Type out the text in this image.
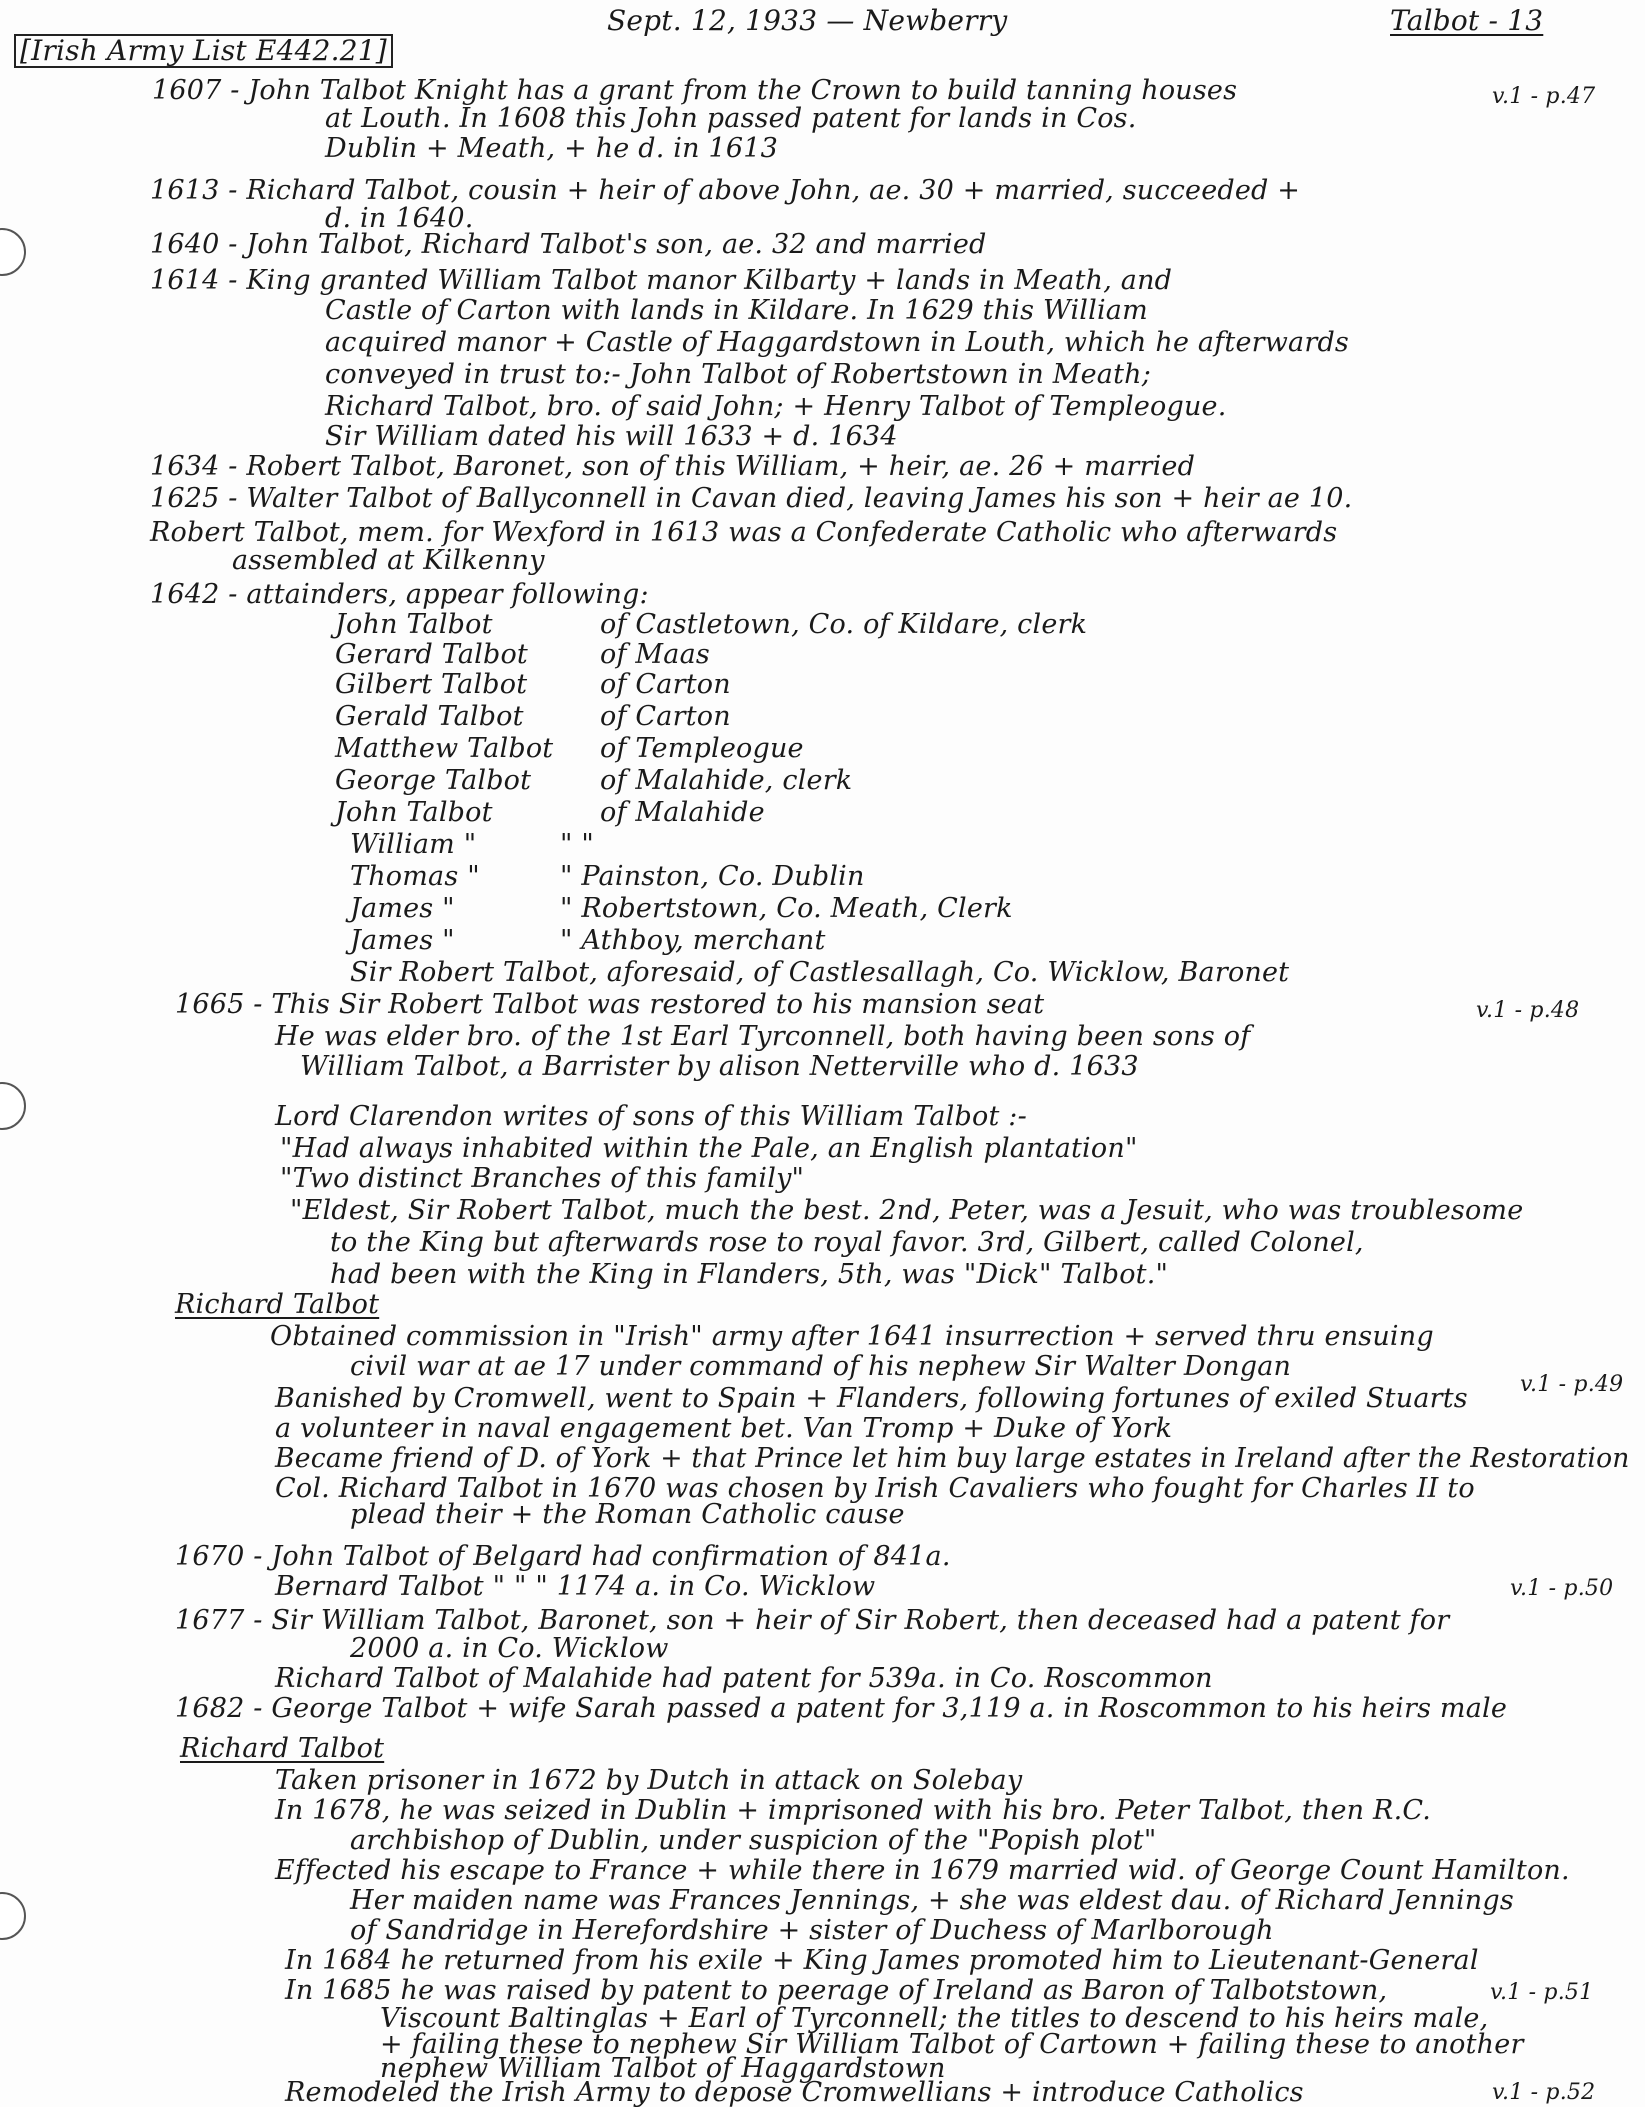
[Irish Army List E442.21]
Sept. 12, 1933 — Newberry	Talbot - 13
1607 - John Talbot Knight has a grant from the Crown to build tanning houses	v.1 - p.47
at Louth. In 1608 this John passed patent for lands in Cos.
Dublin + Meath, + he d. in 1613
1613 - Richard Talbot, cousin + heir of above John, ae. 30 + married, succeeded +
d. in 1640.
1640 - John Talbot, Richard Talbot's son, ae. 32 and married
1614 - King granted William Talbot manor Kilbarty + lands in Meath, and
Castle of Carton with lands in Kildare. In 1629 this William
acquired manor + Castle of Haggardstown in Louth, which he afterwards
conveyed in trust to:- John Talbot of Robertstown in Meath;
Richard Talbot, bro. of said John; + Henry Talbot of Templeogue.
Sir William dated his will 1633 + d. 1634
1634 - Robert Talbot, Baronet, son of this William, + heir, ae. 26 + married
1625 - Walter Talbot of Ballyconnell in Cavan died, leaving James his son + heir ae 10.
Robert Talbot, mem. for Wexford in 1613 was a Confederate Catholic who afterwards
assembled at Kilkenny
1642 - attainders, appear following:
John Talbot	of Castletown, Co. of Kildare, clerk
Gerard Talbot	of Maas
Gilbert Talbot	of Carton
Gerald Talbot	of Carton
Matthew Talbot of Templeogue
George Talbot	of Malahide, clerk
John Talbot	of Malahide
William "	" "
Thomas "	" Painston, Co. Dublin
James "	" Robertstown, Co. Meath, Clerk
James "	" Athboy, merchant
Sir Robert Talbot, aforesaid, of Castlesallagh, Co. Wicklow, Baronet
1665 - This Sir Robert Talbot was restored to his mansion seat	v.1 - p.48
He was elder bro. of the 1st Earl Tyrconnell, both having been sons of
William Talbot, a Barrister by alison Netterville who d. 1633
Lord Clarendon writes of sons of this William Talbot :-
"Had always inhabited within the Pale, an English plantation"
"Two distinct Branches of this family"
"Eldest, Sir Robert Talbot, much the best. 2nd, Peter, was a Jesuit, who was troublesome
to the King but afterwards rose to royal favor. 3rd, Gilbert, called Colonel,
had been with the King in Flanders, 5th, was "Dick" Talbot."
Richard Talbot
Obtained commission in "Irish" army after 1641 insurrection + served thru ensuing
civil war at ae 17 under command of his nephew Sir Walter Dongan
Banished by Cromwell, went to Spain + Flanders, following fortunes of exiled Stuarts v.1 - p.49
a volunteer in naval engagement bet. Van Tromp + Duke of York
Became friend of D. of York + that Prince let him buy large estates in Ireland after the Restoration
Col. Richard Talbot in 1670 was chosen by Irish Cavaliers who fought for Charles II to
plead their + the Roman Catholic cause
1670 - John Talbot of Belgard had confirmation of 841a.
Bernard Talbot " " " 1174 a. in Co. Wicklow
1677 - Sir William Talbot, Baronet, son + heir of Sir Robert, then deceased had a patent for
v.1 - p.50
2000 a. in Co. Wicklow
Richard Talbot of Malahide had patent for 539a. in Co. Roscommon
1682 - George Talbot + wife Sarah passed a patent for 3,119 a. in Roscommon to his heirs male
Richard Talbot
Taken prisoner in 1672 by Dutch in attack on Solebay
In 1678, he was seized in Dublin + imprisoned with his bro. Peter Talbot, then R.C.
archbishop of Dublin, under suspicion of the "Popish plot"
Effected his escape to France + while there in 1679 married wid. of George Count Hamilton.
Her maiden name was Frances Jennings, + she was eldest dau. of Richard Jennings
of Sandridge in Herefordshire + sister of Duchess of Marlborough
In 1684 he returned from his exile + King James promoted him to Lieutenant-General
In 1685 he was raised by patent to peerage of Ireland as Baron of Talbotstown,	v.1 - p.51
Viscount Baltinglas + Earl of Tyrconnell; the titles to descend to his heirs male,
+ failing these to nephew Sir William Talbot of Cartown + failing these to another
nephew William Talbot of Haggardstown
Remodeled the Irish Army to depose Cromwellians + introduce Catholics	v.1 - p.52
